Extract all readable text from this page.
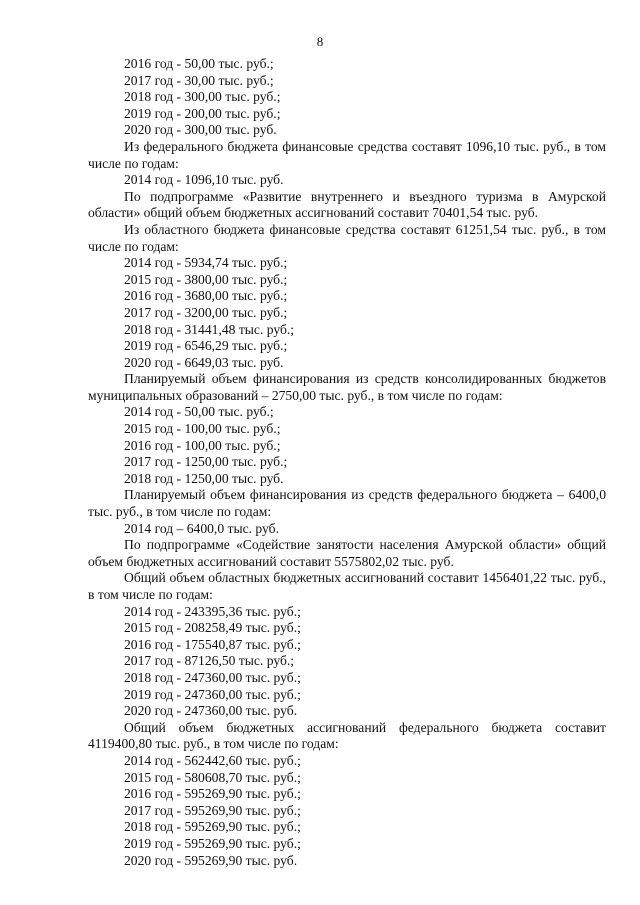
8
2016 год - 50,00 тыс. руб.;
2017 год - 30,00 тыс. руб.;
2018 год - 300,00 тыс. руб.;
2019 год - 200,00 тыс. руб.;
2020 год - 300,00 тыс. руб.
Из федерального бюджета финансовые средства составят 1096,10 тыс. руб., в том числе по годам:
2014 год - 1096,10 тыс. руб.
По подпрограмме «Развитие внутреннего и въездного туризма в Амурской области» общий объем бюджетных ассигнований составит 70401,54 тыс. руб.
Из областного бюджета финансовые средства составят 61251,54 тыс. руб., в том числе по годам:
2014 год - 5934,74 тыс. руб.;
2015 год - 3800,00 тыс. руб.;
2016 год - 3680,00 тыс. руб.;
2017 год - 3200,00 тыс. руб.;
2018 год - 31441,48 тыс. руб.;
2019 год - 6546,29 тыс. руб.;
2020 год - 6649,03 тыс. руб.
Планируемый объем финансирования из средств консолидированных бюджетов муниципальных образований – 2750,00 тыс. руб., в том числе по годам:
2014 год - 50,00 тыс. руб.;
2015 год - 100,00 тыс. руб.;
2016 год - 100,00 тыс. руб.;
2017 год - 1250,00 тыс. руб.;
2018 год - 1250,00 тыс. руб.
Планируемый объем финансирования из средств федерального бюджета – 6400,0 тыс. руб., в том числе по годам:
2014 год – 6400,0 тыс. руб.
По подпрограмме «Содействие занятости населения Амурской области» общий объем бюджетных ассигнований составит 5575802,02 тыс. руб.
Общий объем областных бюджетных ассигнований составит 1456401,22 тыс. руб., в том числе по годам:
2014 год - 243395,36 тыс. руб.;
2015 год - 208258,49 тыс. руб.;
2016 год - 175540,87 тыс. руб.;
2017 год - 87126,50 тыс. руб.;
2018 год - 247360,00 тыс. руб.;
2019 год - 247360,00 тыс. руб.;
2020 год - 247360,00 тыс. руб.
Общий объем бюджетных ассигнований федерального бюджета составит 4119400,80 тыс. руб., в том числе по годам:
2014 год - 562442,60 тыс. руб.;
2015 год - 580608,70 тыс. руб.;
2016 год - 595269,90 тыс. руб.;
2017 год - 595269,90 тыс. руб.;
2018 год - 595269,90 тыс. руб.;
2019 год - 595269,90 тыс. руб.;
2020 год - 595269,90 тыс. руб.
